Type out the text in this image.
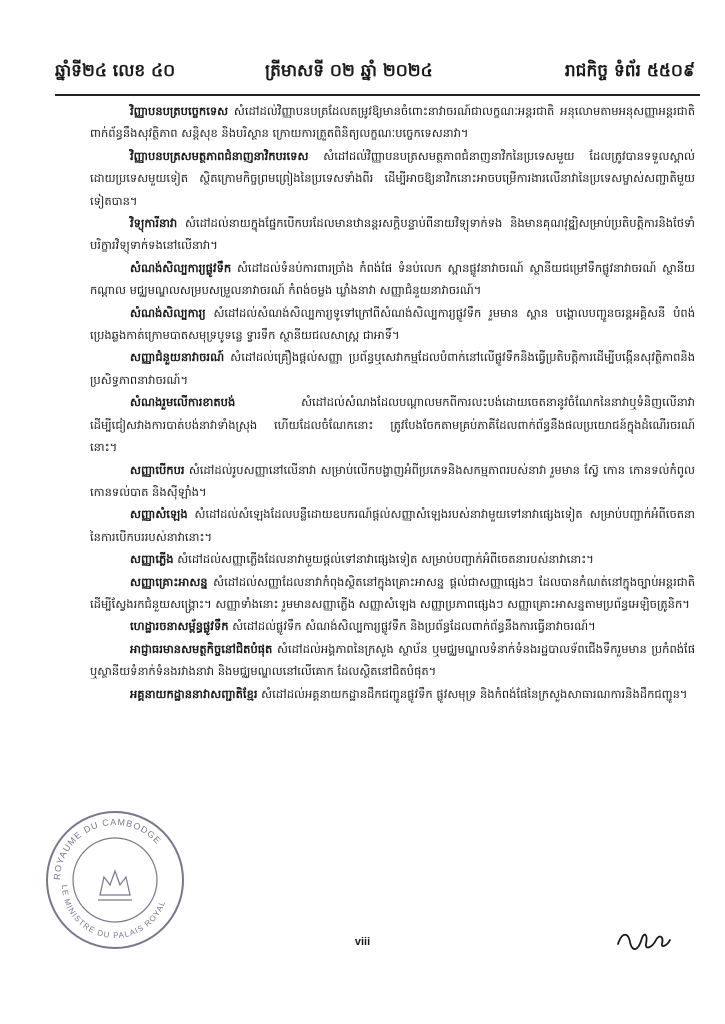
ឆ្នាំទី២៤ លេខ ៤០	ត្រីមាសទី ០២ ឆ្នាំ ២០២៤	រាជកិច្ច ទំព័រ ៥៥០៩

វិញ្ញាបនបត្របច្ចេកទេស សំដៅដល់វិញ្ញាបនបត្រដែលតម្រូវឱ្យមានចំពោះនាវាចរណ៍ជាលក្ខណៈអន្តរជាតិ អនុលោមតាមអនុសញ្ញាអន្តរជាតិពាក់ព័ន្ធនឹងសុវត្ថិភាព សន្តិសុខ និងបរិស្ថាន ក្រោយការត្រួតពិនិត្យលក្ខណៈបច្ចេកទេសនាវា។

វិញ្ញាបនបត្រសមត្ថភាពជំនាញនាវិកបរទេស សំដៅដល់វិញ្ញាបនបត្រសមត្ថភាពជំនាញនាវិកនៃប្រទេសមួយ ដែលត្រូវបានទទួលស្គាល់ដោយប្រទេសមួយទៀត ស្ថិតក្រោមកិច្ចព្រមព្រៀងនៃប្រទេសទាំងពីរ ដើម្បីអាចឱ្យនាវិកនោះអាចបម្រើការងារលើនាវានៃប្រទេសម្ចាស់សញ្ជាតិមួយទៀតបាន។

វិទ្យុការីនាវា សំដៅដល់នាយក្នុងផ្នែកបើកបរដែលមានឋានន្តរសក្តិបន្ទាប់ពីនាយវិទ្យុទាក់ទង និងមានគុណវុឌ្ឍិសម្រាប់ប្រតិបត្តិការនិងថែទាំបរិក្ខារវិទ្យុទាក់ទងនៅលើនាវា។

សំណង់សិល្បការ្យផ្លូវទឹក សំដៅដល់ទំនប់ការពារច្រាំង កំពង់ផែ ទំនប់លេក ស្ពានផ្លូវនាវាចរណ៍ ស្ថានីយជម្រៅទឹកផ្លូវនាវាចរណ៍ ស្ថានីយកណ្តាល មជ្ឈមណ្ឌលសម្របសម្រួលនាវាចរណ៍ កំពង់ចម្លង ឃ្លាំងនាវា សញ្ញាជំនួយនាវាចរណ៍។

សំណង់សិល្បការ្យ សំដៅដល់សំណង់សិល្បការ្យទូទៅក្រៅពីសំណង់សិល្បការ្យផ្លូវទឹក រួមមាន ស្ពាន បង្គោលបញ្ជូនចរន្តអគ្គិសនី បំពង់ប្រេងឆ្លងកាត់ក្រោមបាតសមុទ្របូទន្លេ ទ្វារទឹក ស្ថានីយជលសាស្ត្រ ជាអាទិ៍។

សញ្ញាជំនួយនាវាចរណ៍ សំដៅដល់គ្រឿងផ្តល់សញ្ញា ប្រព័ន្ធឬសេវាកម្មដែលបំពាក់នៅលើផ្លូវទឹកនិងធ្វើប្រតិបត្តិការដើម្បីបង្កើនសុវត្ថិភាពនិងប្រសិទ្ធភាពនាវាចរណ៍។

សំណងរួមលើការខាតបង់ សំដៅដល់សំណងដែលបណ្តាលមកពីការលះបង់ដោយចេតនានូវចំណែកនៃនាវាឬទំនិញលើនាវា ដើម្បីជៀសវាងការបាត់បង់នាវាទាំងស្រុង ហើយដែលចំណែកនោះ ត្រូវបែងចែកតាមគ្រប់ភាគីដែលពាក់ព័ន្ធនឹងផលប្រយោជន៍ក្នុងដំណើរចរណ៍នោះ។

សញ្ញាបើកបរ សំដៅដល់រូបសញ្ញានៅលើនាវា សម្រាប់លើកបង្ហាញអំពីប្រភេទនិងសកម្មភាពរបស់នាវា រួមមាន ស្វ៊ែ កោន កោនទល់កំពូល កោនទល់បាត និងស៊ីឡាំង។

សញ្ញាសំឡេង សំដៅដល់សំឡេងដែលបន្លឺដោយឧបករណ៍ផ្តល់សញ្ញាសំឡេងរបស់នាវាមួយទៅនាវាផ្សេងទៀត សម្រាប់បញ្ជាក់អំពីចេតនានៃការបើកបររបស់នាវានោះ។

សញ្ញាភ្លើង សំដៅដល់សញ្ញាភ្លើងដែលនាវាមួយផ្តល់ទៅនាវាផ្សេងទៀត សម្រាប់បញ្ជាក់អំពីចេតនារបស់នាវានោះ។

សញ្ញាគ្រោះអាសន្ន សំដៅដល់សញ្ញាដែលនាវាកំពុងស្ថិតនៅក្នុងគ្រោះអាសន្ន ផ្តល់ជាសញ្ញាផ្សេងៗ ដែលបានកំណត់នៅក្នុងច្បាប់អន្តរជាតិ ដើម្បីស្វែងរកជំនួយសង្គ្រោះ។ សញ្ញាទាំងនោះ រួមមានសញ្ញាភ្លើង សញ្ញាសំឡេង សញ្ញាប្រភាពផ្សេងៗ សញ្ញាគ្រោះអាសន្នតាមប្រព័ន្ធអេឡិចត្រូនិក។

ហេដ្ឋារចនាសម្ព័ន្ធផ្លូវទឹក សំដៅដល់ផ្លូវទឹក សំណង់សិល្បការ្យផ្លូវទឹក និងប្រព័ន្ធដែលពាក់ព័ន្ធនឹងការធ្វើនាវាចរណ៍។

អាជ្ញាធរមានសមត្ថកិច្ចនៅជិតបំផុត សំដៅដល់អង្គភាពនៃក្រសួង ស្ថាប័ន ឬមជ្ឈមណ្ឌលទំនាក់ទំនងរដ្ឋបាលទ័ពជើងទឹករួមមាន ប្រកំពង់ផែ ឬស្ថានីយទំនាក់ទំនងរវាងនាវា និងមជ្ឈមណ្ឌលនៅលើគោក ដែលស្ថិតនៅជិតបំផុត។

អគ្គនាយកដ្ឋាននាវាសញ្ជាតិខ្មែរ សំដៅដល់អគ្គនាយកដ្ឋានដឹកជញ្ជូនផ្លូវទឹក ផ្លូវសមុទ្រ និងកំពង់ផែនៃក្រសួងសាធារណការនិងដឹកជញ្ជូន។

viii
ROYAUME DU CAMBODGE
LE MINISTRE DU PALAIS ROYAL
